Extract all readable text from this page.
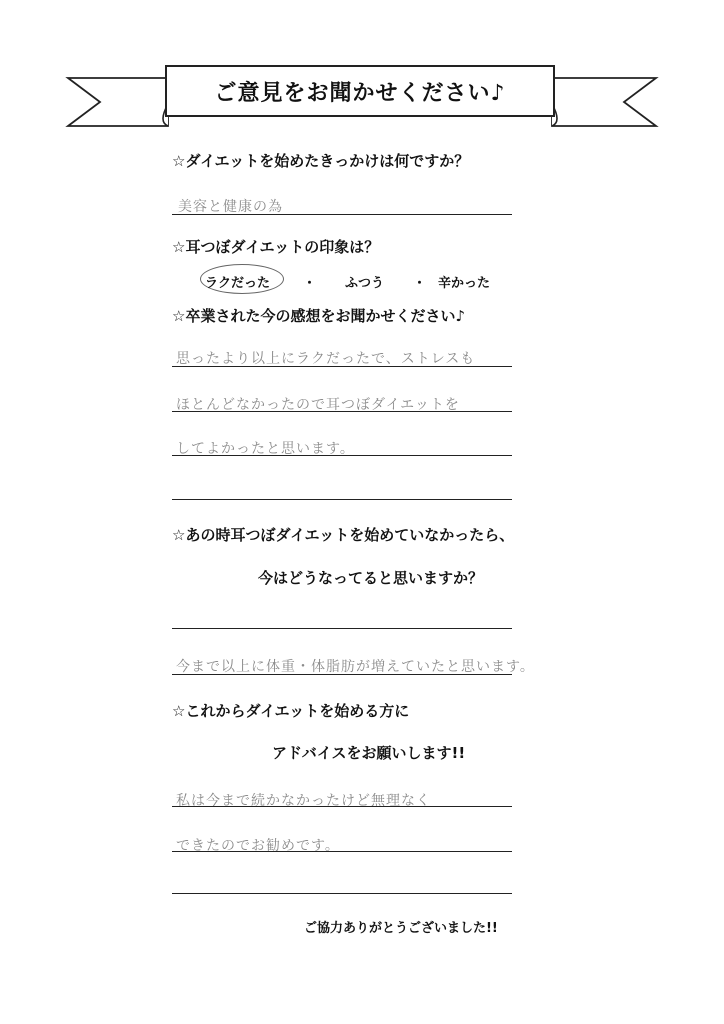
ご意見をお聞かせください♪
☆ダイエットを始めたきっかけは何ですか？
美容と健康の為
☆耳つぼダイエットの印象は？
ラクだった	・ ふつう ・ 辛かった
☆卒業された今の感想をお聞かせください♪
思ったより以上にラクだったで、ストレスも
ほとんどなかったので耳つぼダイエットを
してよかったと思います。
☆あの時耳つぼダイエットを始めていなかったら、
今はどうなってると思いますか？
今まで以上に体重・体脂肪が増えていたと思います。
☆これからダイエットを始める方に
アドバイスをお願いします!!
私は今まで続かなかったけど無理なく
できたのでお勧めです。
ご協力ありがとうございました!!
